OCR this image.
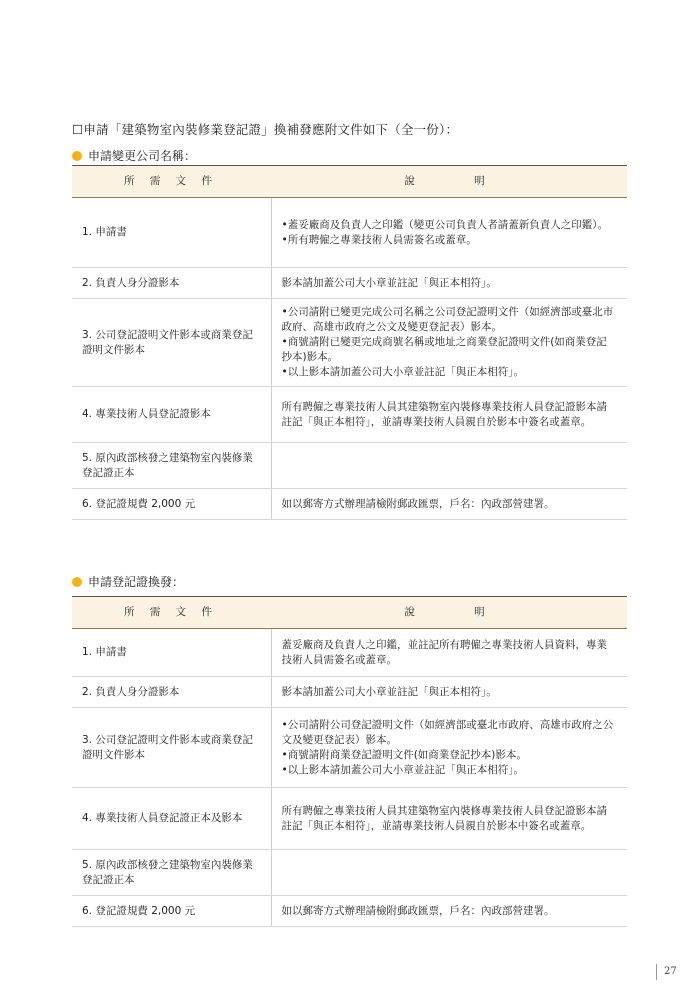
☐申請「建築物室內裝修業登記證」換補發應附文件如下（全一份）：
申請變更公司名稱：
所 需 文 件	說 明
1. 申請書	•蓋妥廠商及負責人之印鑑（變更公司負責人者請蓋新負責人之印鑑）。
•所有聘僱之專業技術人員需簽名或蓋章。

2. 負責人身分證影本	影本請加蓋公司大小章並註記「與正本相符」。

3. 公司登記證明文件影本或商業登記證明文件影本	•公司請附已變更完成公司名稱之公司登記證明文件（如經濟部或臺北市政府、高雄市政府之公文及變更登記表）影本。
•商號請附已變更完成商號名稱或地址之商業登記證明文件(如商業登記抄本)影本。
•以上影本請加蓋公司大小章並註記「與正本相符」。

4. 專業技術人員登記證影本	所有聘僱之專業技術人員其建築物室內裝修專業技術人員登記證影本請註記「與正本相符」，並請專業技術人員親自於影本中簽名或蓋章。

5. 原內政部核發之建築物室內裝修業登記證正本	
6. 登記證規費 2,000 元	如以郵寄方式辦理請檢附郵政匯票，戶名：內政部營建署。
申請登記證換發：
所 需 文 件	說 明
1. 申請書	蓋妥廠商及負責人之印鑑，並註記所有聘僱之專業技術人員資料，專業技術人員需簽名或蓋章。

2. 負責人身分證影本	影本請加蓋公司大小章並註記「與正本相符」。

3. 公司登記證明文件影本或商業登記證明文件影本	•公司請附公司登記證明文件（如經濟部或臺北市政府、高雄市政府之公文及變更登記表）影本。
•商號請附商業登記證明文件(如商業登記抄本)影本。
•以上影本請加蓋公司大小章並註記「與正本相符」。

4. 專業技術人員登記證正本及影本	所有聘僱之專業技術人員其建築物室內裝修專業技術人員登記證影本請註記「與正本相符」，並請專業技術人員親自於影本中簽名或蓋章。

5. 原內政部核發之建築物室內裝修業登記證正本	
6. 登記證規費 2,000 元	如以郵寄方式辦理請檢附郵政匯票，戶名：內政部營建署。
27
